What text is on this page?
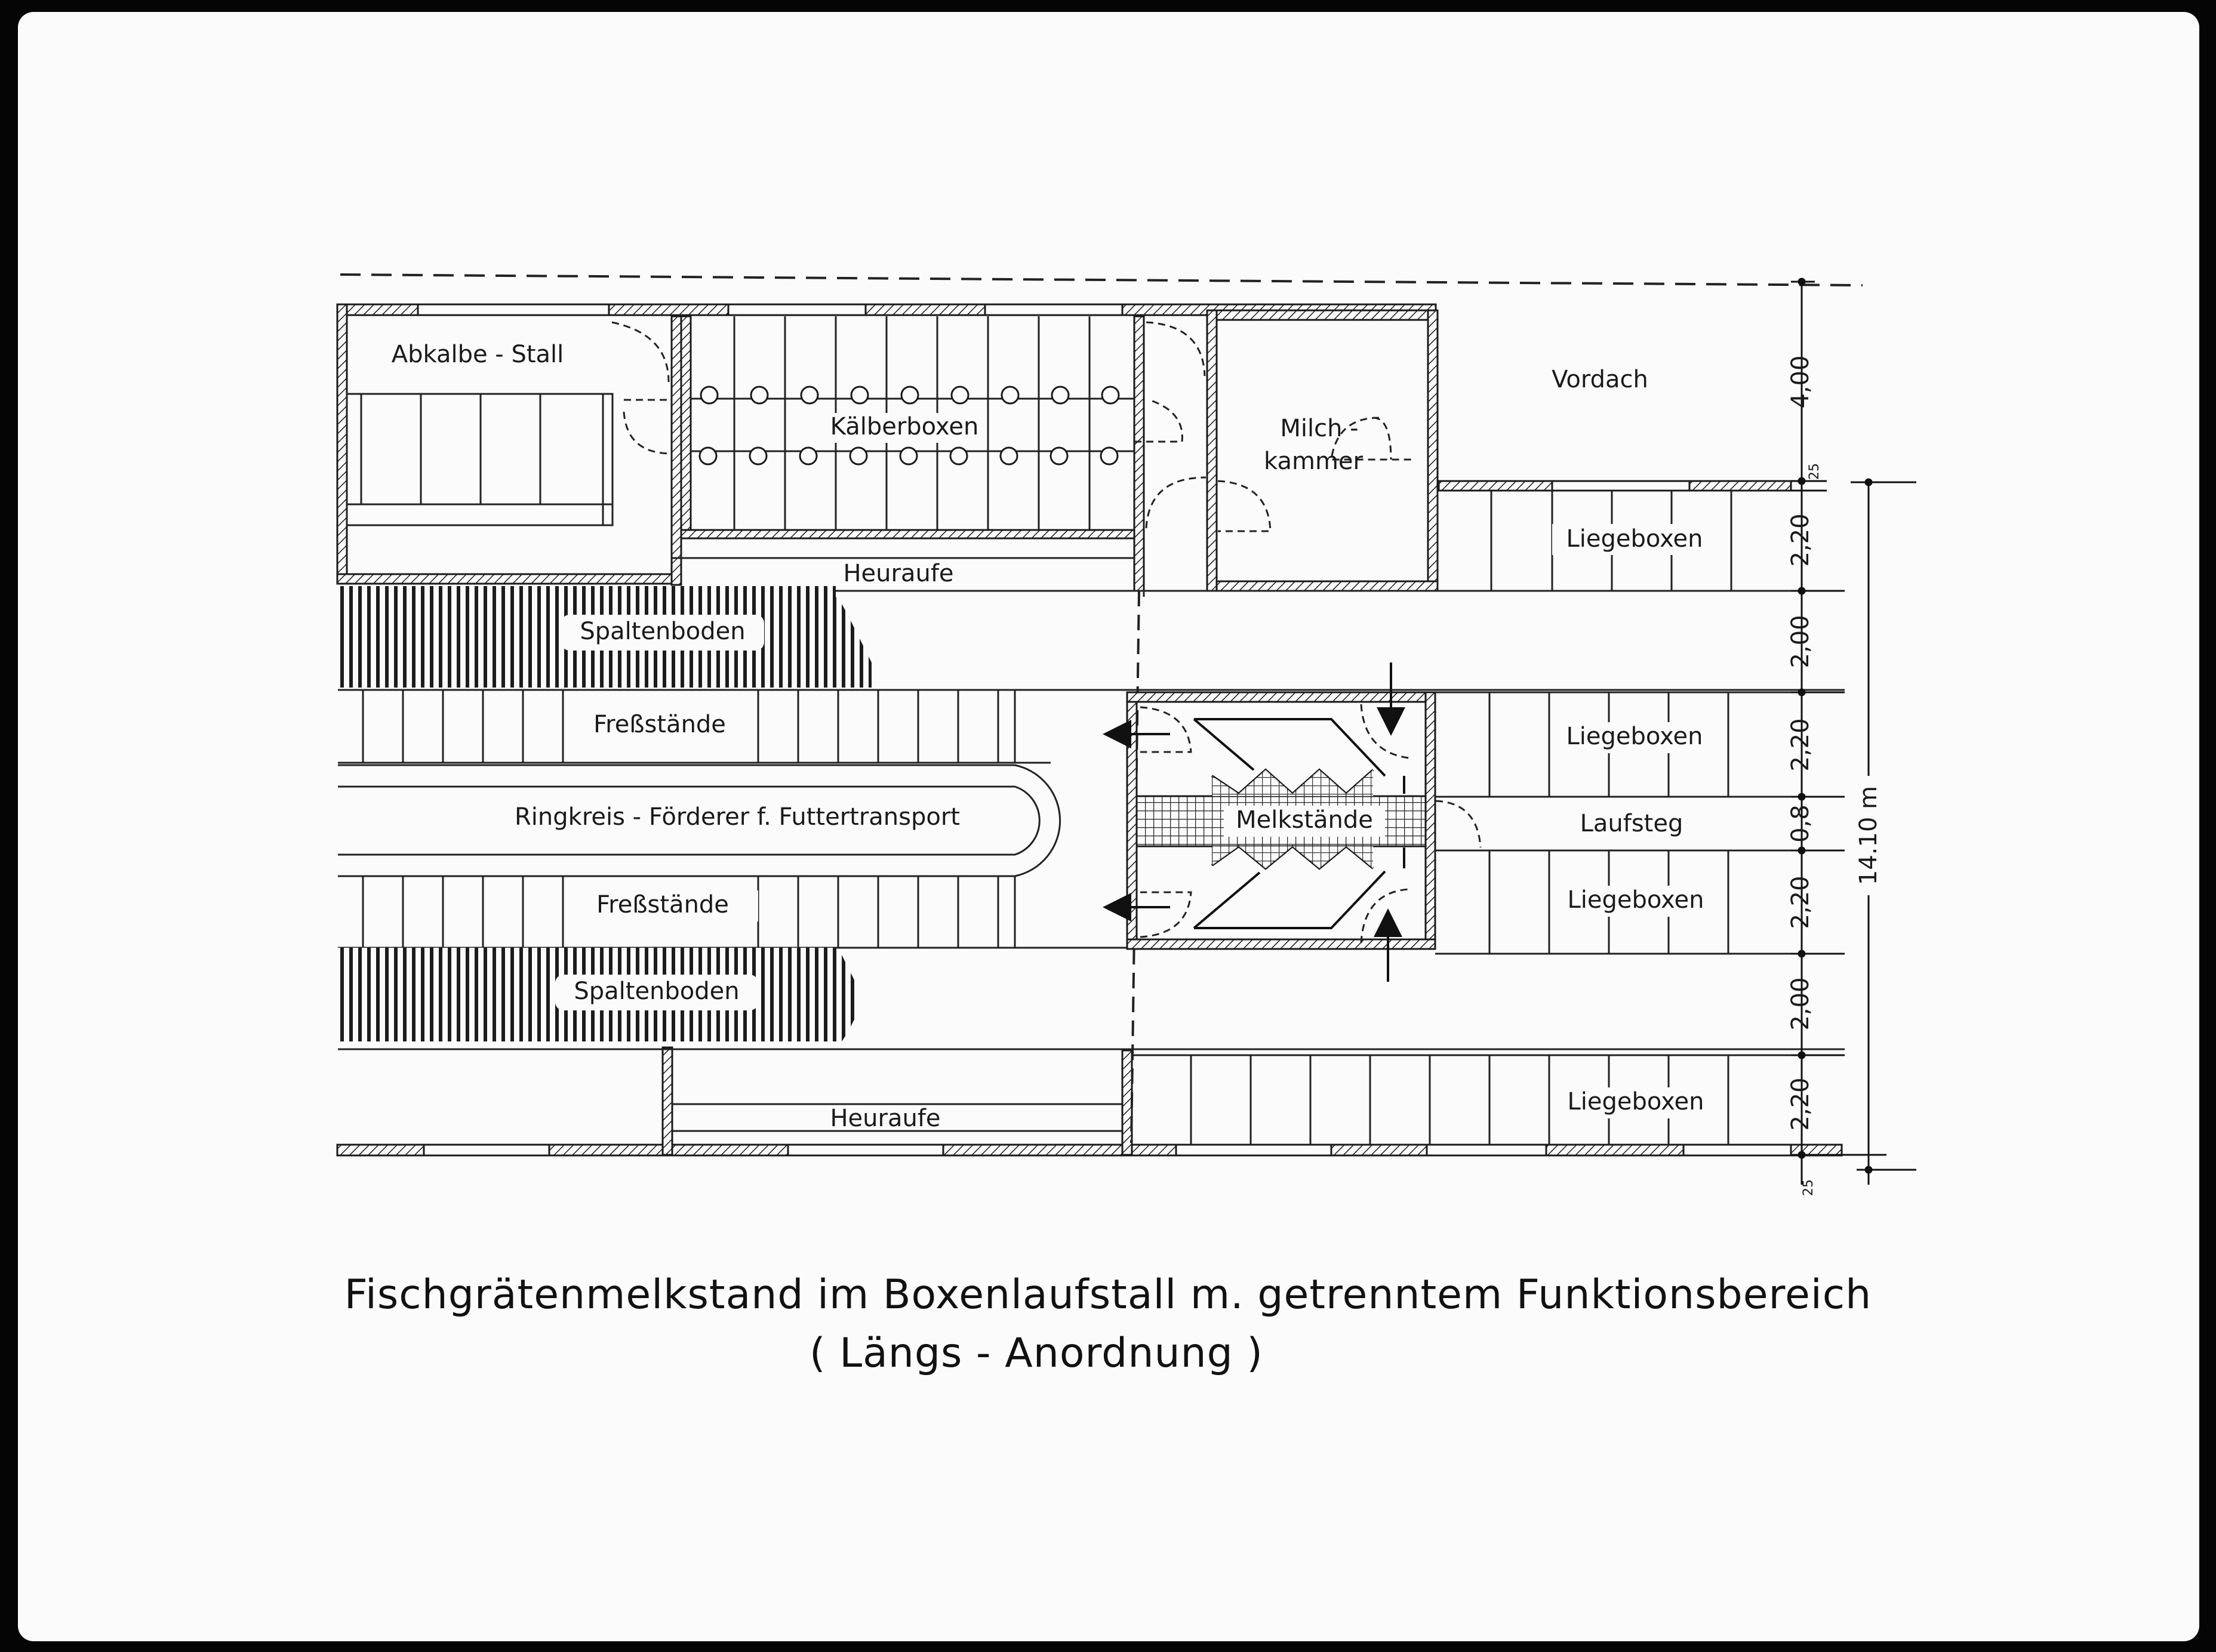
4,00
25
2,20
2,00
2,20
0,8
2,20
2,00
2,20
25
14.10 m
Abkalbe - Stall
Kälberboxen	Milch -
kammer
Vordach
Heuraufe
Spaltenboden
Freßstände
Ringkreis - Förderer f. Futtertransport
Freßstände
Spaltenboden
Heuraufe
Melkstände	Laufsteg
Liegeboxen
Liegeboxen
Liegeboxen
Liegeboxen
Fischgrätenmelkstand im Boxenlaufstall m. getrenntem Funktionsbereich
( Längs - Anordnung )
